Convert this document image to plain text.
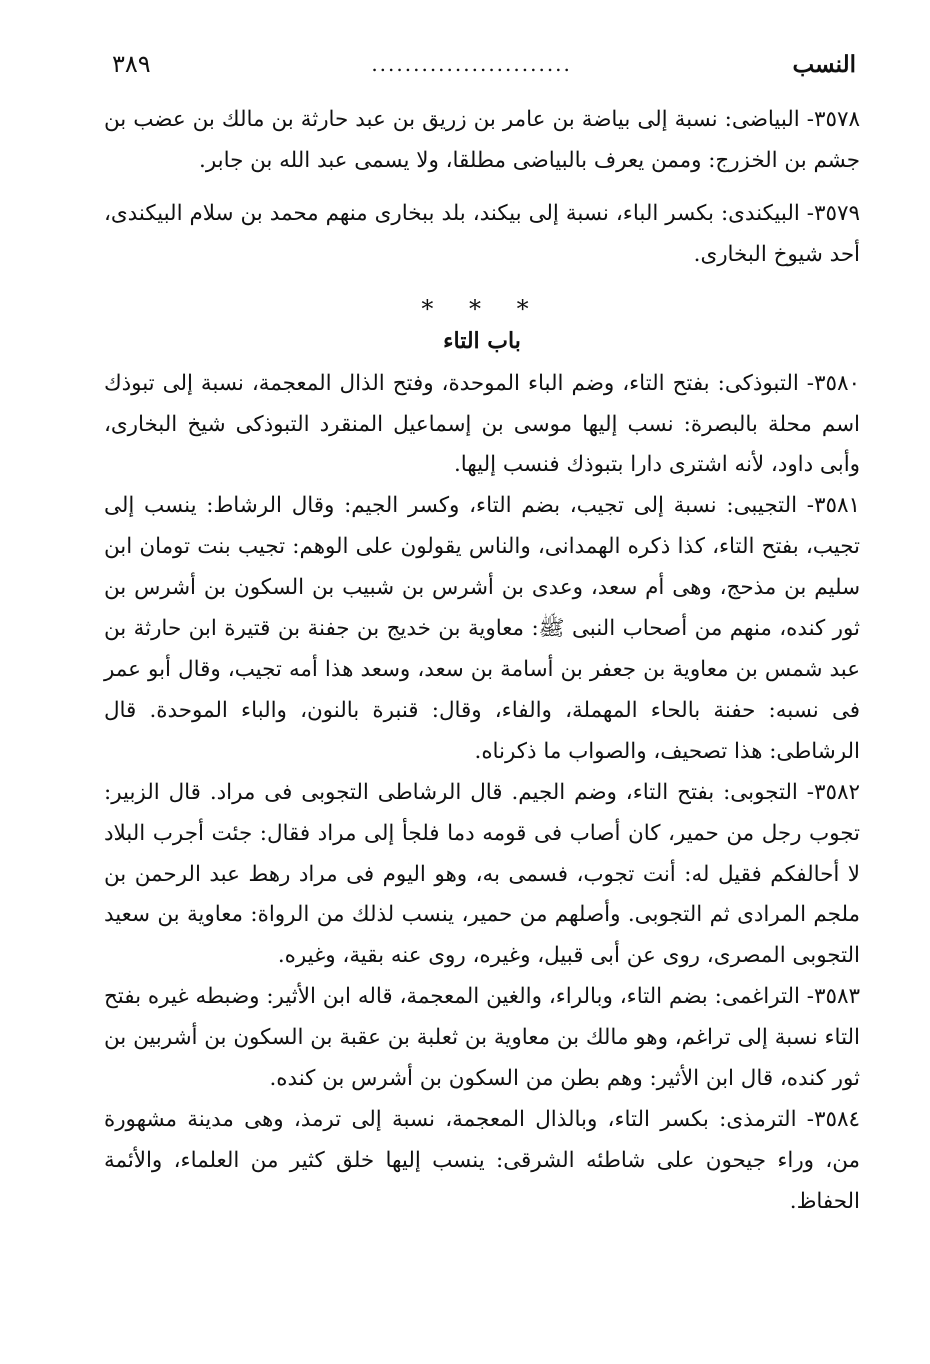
النسب
........................
٣٨٩

٣٥٧٨- البياضى: نسبة إلى بياضة بن عامر بن زريق بن عبد حارثة بن مالك بن عضب بن جشم بن الخزرج: وممن يعرف بالبياضى مطلقا، ولا يسمى عبد الله بن جابر.

٣٥٧٩- البيكندى: بكسر الباء، نسبة إلى بيكند، بلد ببخارى منهم محمد بن سلام البيكندى، أحد شيوخ البخارى.

* * *
باب التاء

٣٥٨٠- التبوذكى: بفتح التاء، وضم الباء الموحدة، وفتح الذال المعجمة، نسبة إلى تبوذك اسم محلة بالبصرة: نسب إليها موسى بن إسماعيل المنقرد التبوذكى شيخ البخارى، وأبى داود، لأنه اشترى دارا بتبوذك فنسب إليها.

٣٥٨١- التجيبى: نسبة إلى تجيب، بضم التاء، وكسر الجيم: وقال الرشاط: ينسب إلى تجيب، بفتح التاء، كذا ذكره الهمدانى، والناس يقولون على الوهم: تجيب بنت تومان ابن سليم بن مذحج، وهى أم سعد، وعدى بن أشرس بن شبيب بن السكون بن أشرس بن ثور كنده، منهم من أصحاب النبى ﷺ: معاوية بن خديج بن جفنة بن قتيرة ابن حارثة بن عبد شمس بن معاوية بن جعفر بن أسامة بن سعد، وسعد هذا أمه تجيب، وقال أبو عمر فى نسبه: حفنة بالحاء المهملة، والفاء، وقال: قنبرة بالنون، والباء الموحدة. قال الرشاطى: هذا تصحيف، والصواب ما ذكرناه.

٣٥٨٢- التجوبى: بفتح التاء، وضم الجيم. قال الرشاطى التجوبى فى مراد. قال الزبير: تجوب رجل من حمير، كان أصاب فى قومه دما فلجأ إلى مراد فقال: جئت أجرب البلاد لا أحالفكم فقيل له: أنت تجوب، فسمى به، وهو اليوم فى مراد رهط عبد الرحمن بن ملجم المرادى ثم التجوبى. وأصلهم من حمير، ينسب لذلك من الرواة: معاوية بن سعيد التجوبى المصرى، روى عن أبى قبيل، وغيره، روى عنه بقية، وغيره.

٣٥٨٣- التراغمى: بضم التاء، وبالراء، والغين المعجمة، قاله ابن الأثير: وضبطه غيره بفتح التاء نسبة إلى تراغم، وهو مالك بن معاوية بن ثعلبة بن عقبة بن السكون بن أشربين بن ثور كنده، قال ابن الأثير: وهم بطن من السكون بن أشرس بن كنده.

٣٥٨٤- الترمذى: بكسر التاء، وبالذال المعجمة، نسبة إلى ترمذ، وهى مدينة مشهورة من، وراء جيحون على شاطئه الشرقى: ينسب إليها خلق كثير من العلماء، والأئمة الحفاظ.
